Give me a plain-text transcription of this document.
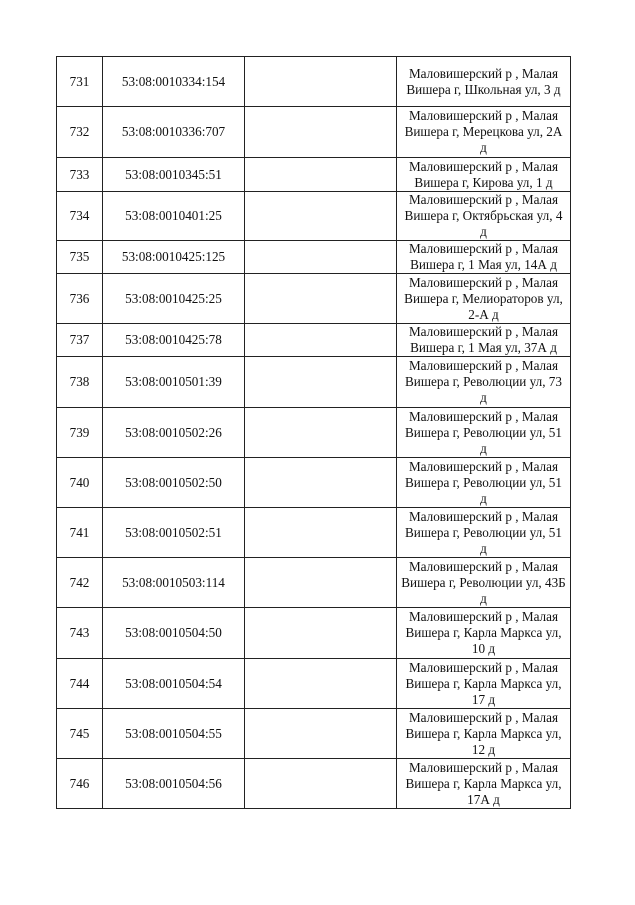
731	53:08:0010334:154		Маловишерский р , Малая
Вишера г, Школьная ул, 3 д

732	53:08:0010336:707		Маловишерский р , Малая
Вишера г, Мерецкова ул, 2А
д

733	53:08:0010345:51		Маловишерский р , Малая
Вишера г, Кирова ул, 1 д

734	53:08:0010401:25		Маловишерский р , Малая
Вишера г, Октябрьская ул, 4
д

735	53:08:0010425:125		Маловишерский р , Малая
Вишера г, 1 Мая ул, 14А д

736	53:08:0010425:25		Маловишерский р , Малая
Вишера г, Мелиораторов ул,
2-А д

737	53:08:0010425:78		Маловишерский р , Малая
Вишера г, 1 Мая ул, 37А д

738	53:08:0010501:39		Маловишерский р , Малая
Вишера г, Революции ул, 73
д

739	53:08:0010502:26		Маловишерский р , Малая
Вишера г, Революции ул, 51
д

740	53:08:0010502:50		Маловишерский р , Малая
Вишера г, Революции ул, 51
д

741	53:08:0010502:51		Маловишерский р , Малая
Вишера г, Революции ул, 51
д

742	53:08:0010503:114		Маловишерский р , Малая
Вишера г, Революции ул, 43Б
д

743	53:08:0010504:50		Маловишерский р , Малая
Вишера г, Карла Маркса ул,
10 д

744	53:08:0010504:54		Маловишерский р , Малая
Вишера г, Карла Маркса ул,
17 д

745	53:08:0010504:55		Маловишерский р , Малая
Вишера г, Карла Маркса ул,
12 д

746	53:08:0010504:56		Маловишерский р , Малая
Вишера г, Карла Маркса ул,
17А д
